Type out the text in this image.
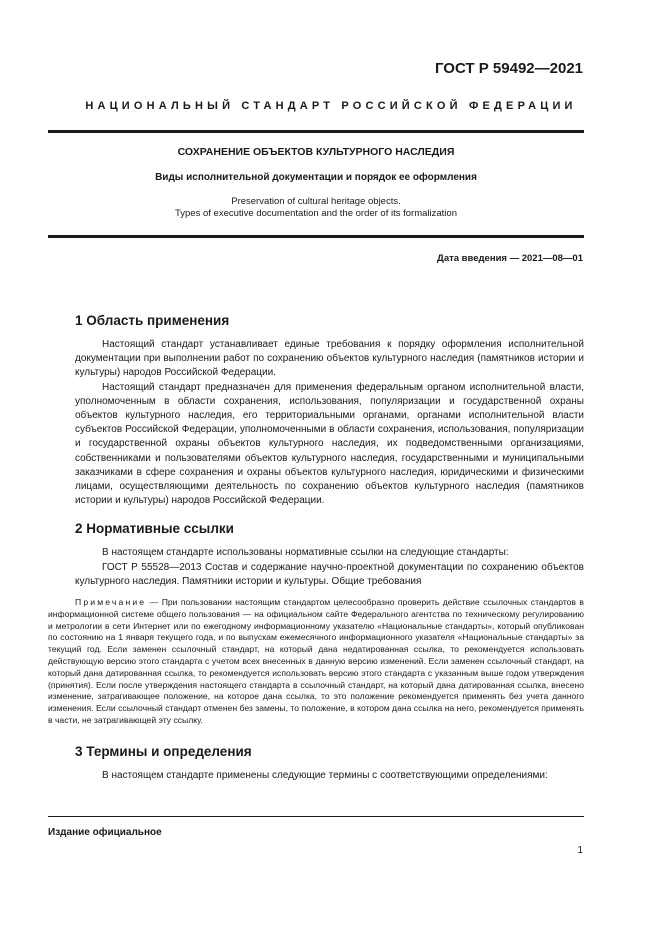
ГОСТ Р 59492—2021
НАЦИОНАЛЬНЫЙ СТАНДАРТ РОССИЙСКОЙ ФЕДЕРАЦИИ
СОХРАНЕНИЕ ОБЪЕКТОВ КУЛЬТУРНОГО НАСЛЕДИЯ
Виды исполнительной документации и порядок ее оформления
Preservation of cultural heritage objects.
Types of executive documentation and the order of its formalization
Дата введения — 2021—08—01
1 Область применения

Настоящий стандарт устанавливает единые требования к порядку оформления исполнительной документации при выполнении работ по сохранению объектов культурного наследия (памятников истории и культуры) народов Российской Федерации.

Настоящий стандарт предназначен для применения федеральным органом исполнительной власти, уполномоченным в области сохранения, использования, популяризации и государственной охраны объектов культурного наследия, его территориальными органами, органами исполнительной власти субъектов Российской Федерации, уполномоченными в области сохранения, использования, популяризации и государственной охраны объектов культурного наследия, их подведомственными организациями, собственниками и пользователями объектов культурного наследия, государственными и муниципальными заказчиками в сфере сохранения и охраны объектов культурного наследия, юридическими и физическими лицами, осуществляющими деятельность по сохранению объектов культурного наследия (памятников истории и культуры) народов Российской Федерации.

2 Нормативные ссылки

В настоящем стандарте использованы нормативные ссылки на следующие стандарты:

ГОСТ Р 55528—2013 Состав и содержание научно-проектной документации по сохранению объектов культурного наследия. Памятники истории и культуры. Общие требования

Примечание — При пользовании настоящим стандартом целесообразно проверить действие ссылочных стандартов в информационной системе общего пользования — на официальном сайте Федерального агентства по техническому регулированию и метрологии в сети Интернет или по ежегодному информационному указателю «Национальные стандарты», который опубликован по состоянию на 1 января текущего года, и по выпускам ежемесячного информационного указателя «Национальные стандарты» за текущий год. Если заменен ссылочный стандарт, на который дана недатированная ссылка, то рекомендуется использовать действующую версию этого стандарта с учетом всех внесенных в данную версию изменений. Если заменен ссылочный стандарт, на который дана датированная ссылка, то рекомендуется использовать версию этого стандарта с указанным выше годом утверждения (принятия). Если после утверждения настоящего стандарта в ссылочный стандарт, на который дана датированная ссылка, внесено изменение, затрагивающее положение, на которое дана ссылка, то это положение рекомендуется применять без учета данного изменения. Если ссылочный стандарт отменен без замены, то положение, в котором дана ссылка на него, рекомендуется применять в части, не затрагивающей эту ссылку.
3 Термины и определения

В настоящем стандарте применены следующие термины с соответствующими определениями:

Издание официальное
1
